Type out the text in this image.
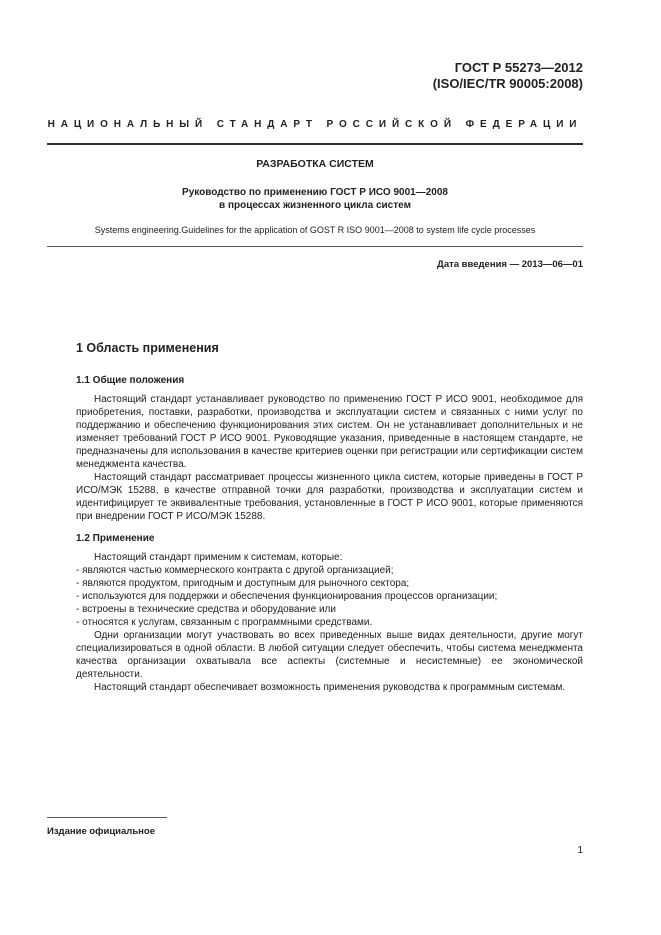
ГОСТ Р 55273—2012
(ISO/IEC/TR 90005:2008)
НАЦИОНАЛЬНЫЙ СТАНДАРТ РОССИЙСКОЙ ФЕДЕРАЦИИ
РАЗРАБОТКА СИСТЕМ
Руководство по применению ГОСТ Р ИСО 9001—2008
в процессах жизненного цикла систем
Systems engineering.Guidelines for the application of GOST R ISO 9001—2008 to system life cycle processes
Дата введения — 2013—06—01
1 Область применения
1.1 Общие положения

Настоящий стандарт устанавливает руководство по применению ГОСТ Р ИСО 9001, необходимое для приобретения, поставки, разработки, производства и эксплуатации систем и связанных с ними услуг по поддержанию и обеспечению функционирования этих систем. Он не устанавливает дополнительных и не изменяет требований ГОСТ Р ИСО 9001. Руководящие указания, приведенные в настоящем стандарте, не предназначены для использования в качестве критериев оценки при регистрации или сертификации систем менеджмента качества.

Настоящий стандарт рассматривает процессы жизненного цикла систем, которые приведены в ГОСТ Р ИСО/МЭК 15288, в качестве отправной точки для разработки, производства и эксплуатации систем и идентифицирует те эквивалентные требования, установленные в ГОСТ Р ИСО 9001, которые применяются при внедрении ГОСТ Р ИСО/МЭК 15288.

1.2 Применение

Настоящий стандарт применим к системам, которые:

- являются частью коммерческого контракта с другой организацией;

- являются продуктом, пригодным и доступным для рыночного сектора;

- используются для поддержки и обеспечения функционирования процессов организации;

- встроены в технические средства и оборудование или

- относятся к услугам, связанным с программными средствами.

Одни организации могут участвовать во всех приведенных выше видах деятельности, другие могут специализироваться в одной области. В любой ситуации следует обеспечить, чтобы система менеджмента качества организации охватывала все аспекты (системные и несистемные) ее экономической деятельности.

Настоящий стандарт обеспечивает возможность применения руководства к программным системам.

Издание официальное
1
